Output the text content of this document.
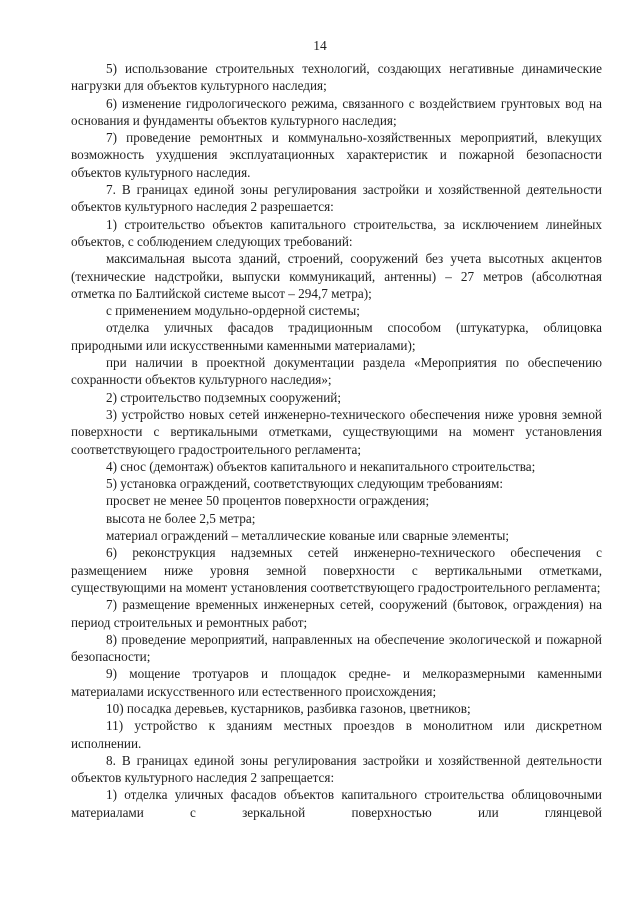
14

5) использование строительных технологий, создающих негативные динамические нагрузки для объектов культурного наследия;

6) изменение гидрологического режима, связанного с воздействием грунтовых вод на основания и фундаменты объектов культурного наследия;

7) проведение ремонтных и коммунально-хозяйственных мероприятий, влекущих возможность ухудшения эксплуатационных характеристик и пожарной безопасности объектов культурного наследия.

7. В границах единой зоны регулирования застройки и хозяйственной деятельности объектов культурного наследия 2 разрешается:

1) строительство объектов капитального строительства, за исключением линейных объектов, с соблюдением следующих требований:

максимальная высота зданий, строений, сооружений без учета высотных акцентов (технические надстройки, выпуски коммуникаций, антенны) – 27 метров (абсолютная отметка по Балтийской системе высот – 294,7 метра);

с применением модульно-ордерной системы;

отделка уличных фасадов традиционным способом (штукатурка, облицовка природными или искусственными каменными материалами);

при наличии в проектной документации раздела «Мероприятия по обеспечению сохранности объектов культурного наследия»;

2) строительство подземных сооружений;

3) устройство новых сетей инженерно-технического обеспечения ниже уровня земной поверхности с вертикальными отметками, существующими на момент установления соответствующего градостроительного регламента;

4) снос (демонтаж) объектов капитального и некапитального строительства;

5) установка ограждений, соответствующих следующим требованиям:

просвет не менее 50 процентов поверхности ограждения;

высота не более 2,5 метра;

материал ограждений – металлические кованые или сварные элементы;

6) реконструкция надземных сетей инженерно-технического обеспечения с размещением ниже уровня земной поверхности с вертикальными отметками, существующими на момент установления соответствующего градостроительного регламента;

7) размещение временных инженерных сетей, сооружений (бытовок, ограждения) на период строительных и ремонтных работ;

8) проведение мероприятий, направленных на обеспечение экологической и пожарной безопасности;

9) мощение тротуаров и площадок средне- и мелкоразмерными каменными материалами искусственного или естественного происхождения;

10) посадка деревьев, кустарников, разбивка газонов, цветников;

11) устройство к зданиям местных проездов в монолитном или дискретном исполнении.

8. В границах единой зоны регулирования застройки и хозяйственной деятельности объектов культурного наследия 2 запрещается:

1) отделка уличных фасадов объектов капитального строительства облицовочными материалами с зеркальной поверхностью или глянцевой
